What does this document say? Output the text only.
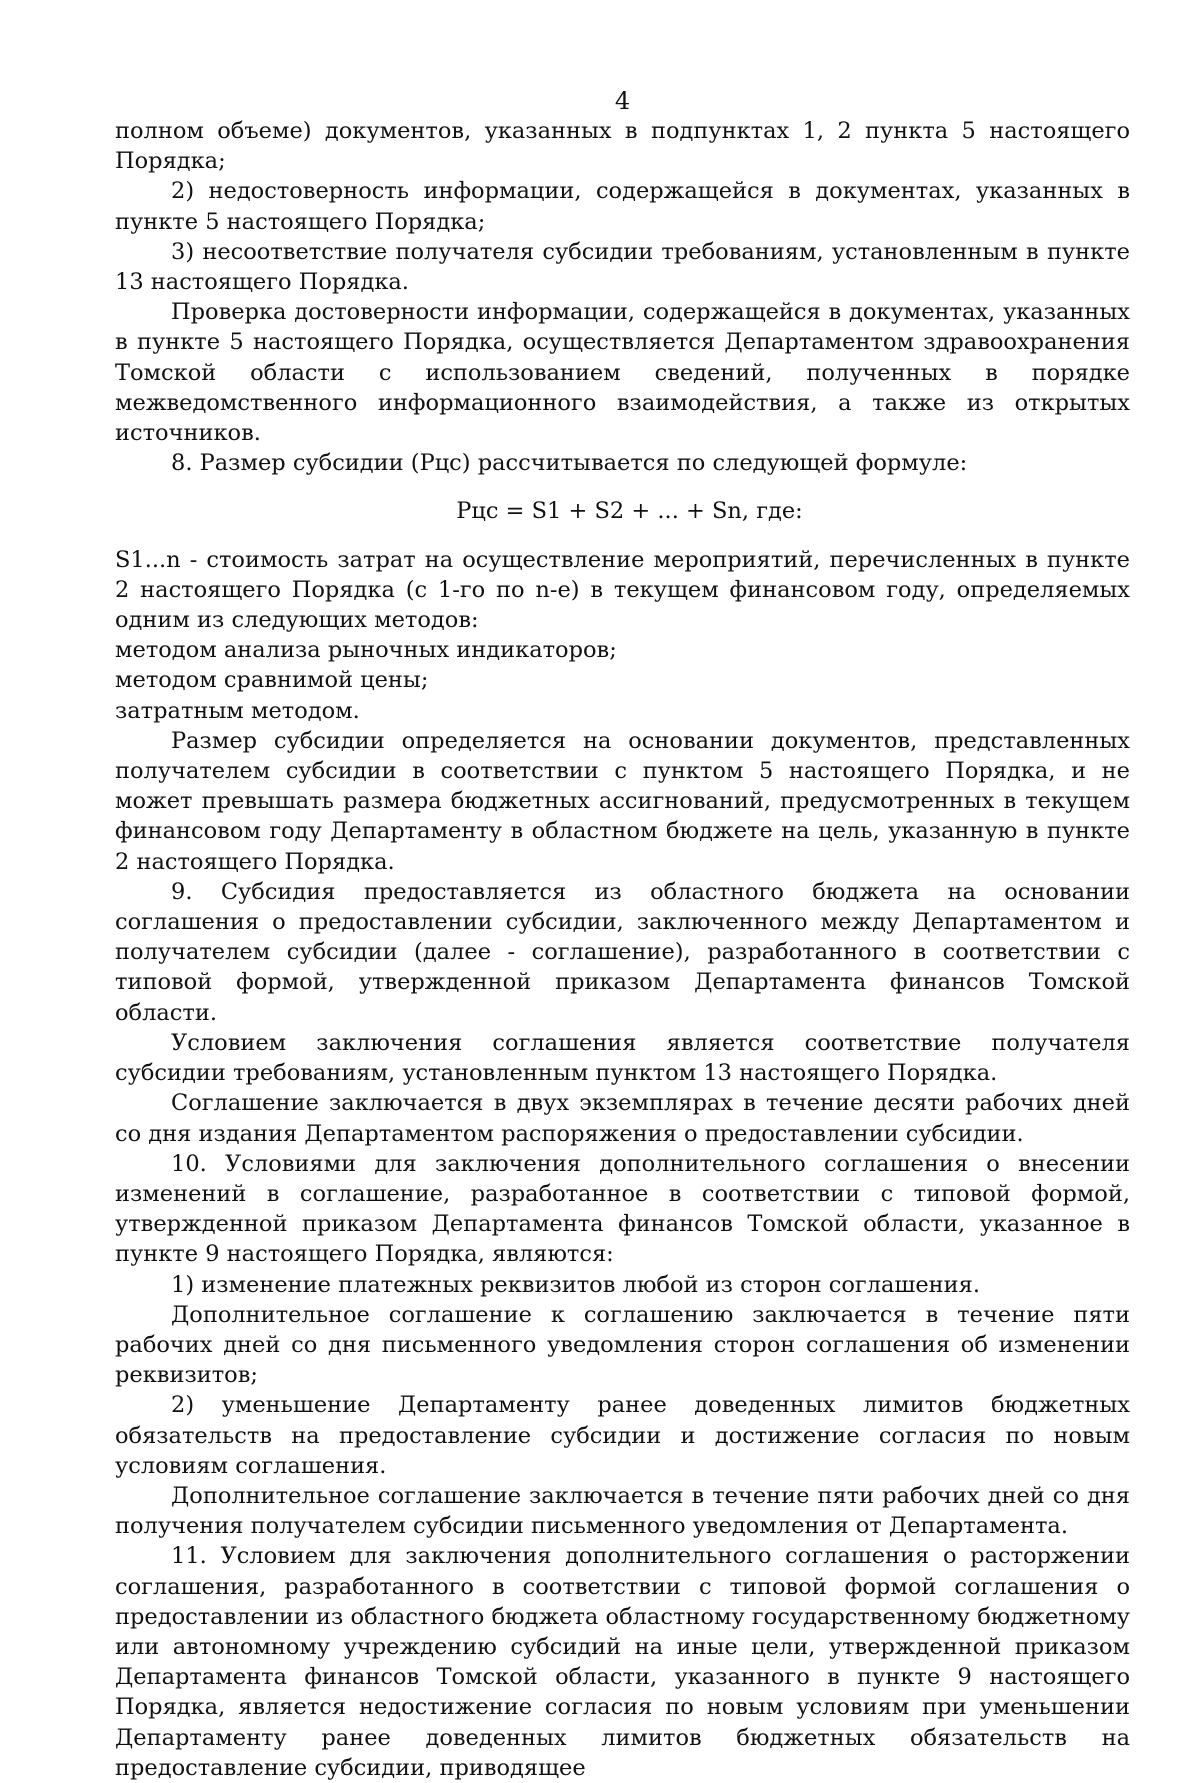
4

полном объеме) документов, указанных в подпунктах 1, 2 пункта 5 настоящего Порядка;

2) недостоверность информации, содержащейся в документах, указанных в пункте 5 настоящего Порядка;

3) несоответствие получателя субсидии требованиям, установленным в пункте 13 настоящего Порядка.

Проверка достоверности информации, содержащейся в документах, указанных в пункте 5 настоящего Порядка, осуществляется Департаментом здравоохранения Томской области с использованием сведений, полученных в порядке межведомственного информационного взаимодействия, а также из открытых источников.

8. Размер субсидии (Рцс) рассчитывается по следующей формуле:

Рцс = S1 + S2 + ... + Sn, где:

S1...n - стоимость затрат на осуществление мероприятий, перечисленных в пункте 2 настоящего Порядка (с 1-го по n-е) в текущем финансовом году, определяемых одним из следующих методов:

методом анализа рыночных индикаторов;

методом сравнимой цены;

затратным методом.

Размер субсидии определяется на основании документов, представленных получателем субсидии в соответствии с пунктом 5 настоящего Порядка, и не может превышать размера бюджетных ассигнований, предусмотренных в текущем финансовом году Департаменту в областном бюджете на цель, указанную в пункте 2 настоящего Порядка.

9. Субсидия предоставляется из областного бюджета на основании соглашения о предоставлении субсидии, заключенного между Департаментом и получателем субсидии (далее - соглашение), разработанного в соответствии с типовой формой, утвержденной приказом Департамента финансов Томской области.

Условием заключения соглашения является соответствие получателя субсидии требованиям, установленным пунктом 13 настоящего Порядка.

Соглашение заключается в двух экземплярах в течение десяти рабочих дней со дня издания Департаментом распоряжения о предоставлении субсидии.

10. Условиями для заключения дополнительного соглашения о внесении изменений в соглашение, разработанное в соответствии с типовой формой, утвержденной приказом Департамента финансов Томской области, указанное в пункте 9 настоящего Порядка, являются:

1) изменение платежных реквизитов любой из сторон соглашения.

Дополнительное соглашение к соглашению заключается в течение пяти рабочих дней со дня письменного уведомления сторон соглашения об изменении реквизитов;

2) уменьшение Департаменту ранее доведенных лимитов бюджетных обязательств на предоставление субсидии и достижение согласия по новым условиям соглашения.

Дополнительное соглашение заключается в течение пяти рабочих дней со дня получения получателем субсидии письменного уведомления от Департамента.

11. Условием для заключения дополнительного соглашения о расторжении соглашения, разработанного в соответствии с типовой формой соглашения о предоставлении из областного бюджета областному государственному бюджетному или автономному учреждению субсидий на иные цели, утвержденной приказом Департамента финансов Томской области, указанного в пункте 9 настоящего Порядка, является недостижение согласия по новым условиям при уменьшении Департаменту ранее доведенных лимитов бюджетных обязательств на предоставление субсидии, приводящее
